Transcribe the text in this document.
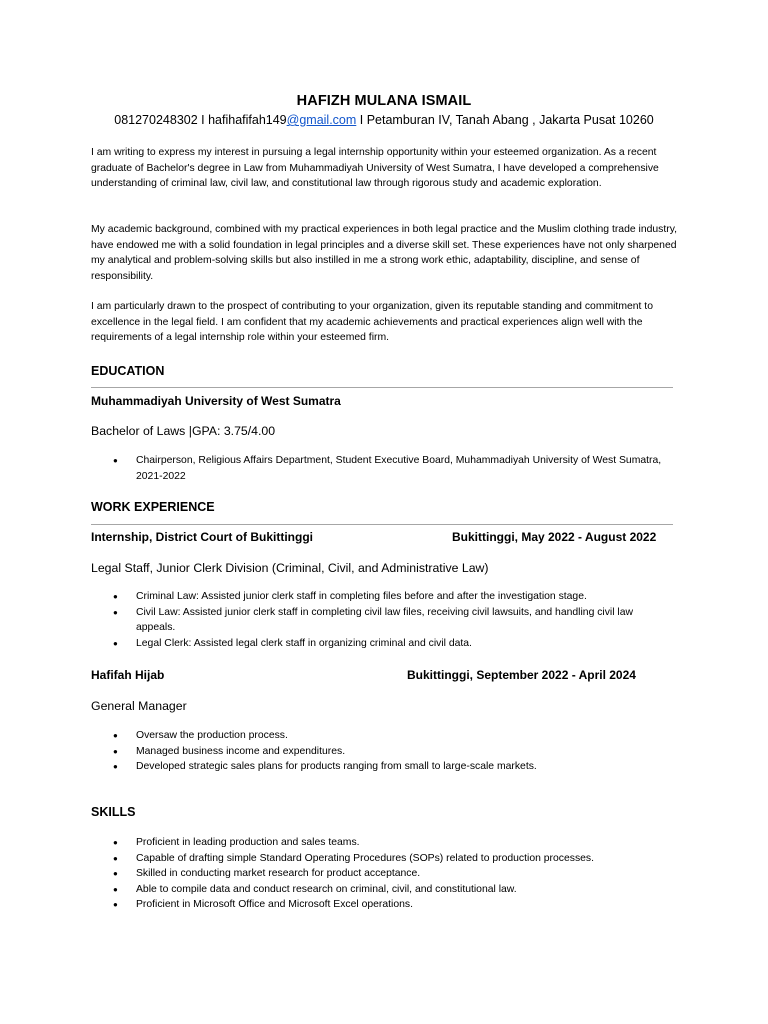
HAFIZH MULANA ISMAIL
081270248302 I hafihafifah149@gmail.com I Petamburan IV, Tanah Abang , Jakarta Pusat 10260

I am writing to express my interest in pursuing a legal internship opportunity within your esteemed organization. As a recent graduate of Bachelor's degree in Law from Muhammadiyah University of West Sumatra, I have developed a comprehensive understanding of criminal law, civil law, and constitutional law through rigorous study and academic exploration.

My academic background, combined with my practical experiences in both legal practice and the Muslim clothing trade industry, have endowed me with a solid foundation in legal principles and a diverse skill set. These experiences have not only sharpened my analytical and problem-solving skills but also instilled in me a strong work ethic, adaptability, discipline, and sense of responsibility.

I am particularly drawn to the prospect of contributing to your organization, given its reputable standing and commitment to excellence in the legal field. I am confident that my academic achievements and practical experiences align well with the requirements of a legal internship role within your esteemed firm.

EDUCATION
Muhammadiyah University of West Sumatra
Bachelor of Laws |GPA: 3.75/4.00
● Chairperson, Religious Affairs Department, Student Executive Board, Muhammadiyah University of West Sumatra, 2021-2022
WORK EXPERIENCE
Internship, District Court of Bukittinggi	Bukittinggi, May 2022 - August 2022
Legal Staff, Junior Clerk Division (Criminal, Civil, and Administrative Law)
● Criminal Law: Assisted junior clerk staff in completing files before and after the investigation stage.
● Civil Law: Assisted junior clerk staff in completing civil law files, receiving civil lawsuits, and handling civil law appeals.
● Legal Clerk: Assisted legal clerk staff in organizing criminal and civil data.
Hafifah Hijab	Bukittinggi, September 2022 - April 2024
General Manager
● Oversaw the production process.
● Managed business income and expenditures.
● Developed strategic sales plans for products ranging from small to large-scale markets.
SKILLS
● Proficient in leading production and sales teams.
● Capable of drafting simple Standard Operating Procedures (SOPs) related to production processes.
● Skilled in conducting market research for product acceptance.
● Able to compile data and conduct research on criminal, civil, and constitutional law.
● Proficient in Microsoft Office and Microsoft Excel operations.
